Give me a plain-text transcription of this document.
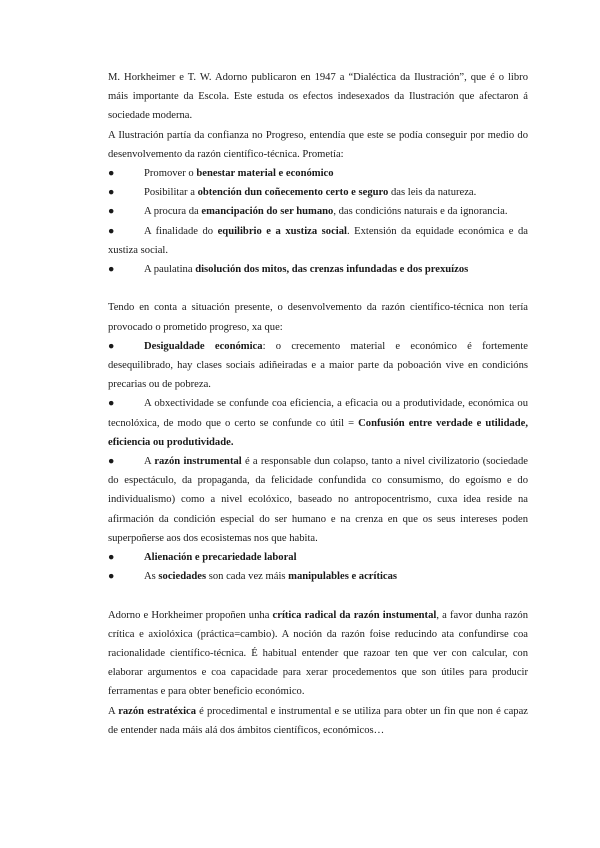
M. Horkheimer e T. W. Adorno publicaron en 1947 a “Dialéctica da Ilustración”, que é o libro máis importante da Escola. Este estuda os efectos indesexados da Ilustración que afectaron á sociedade moderna.

A Ilustración partía da confianza no Progreso, entendía que este se podía conseguir por medio do desenvolvemento da razón científico-técnica. Prometía:

●	Promover o benestar material e económico
●	Posibilitar a obtención dun coñecemento certo e seguro das leis da natureza.
●	A procura da emancipación do ser humano, das condicións naturais e da ignorancia.
●	A finalidade do equilibrio e a xustiza social. Extensión da equidade económica e da xustiza social.
●	A paulatina disolución dos mitos, das crenzas infundadas e dos prexuízos

Tendo en conta a situación presente, o desenvolvemento da razón científico-técnica non tería provocado o prometido progreso, xa que:

●	Desigualdade económica: o crecemento material e económico é fortemente desequilibrado, hay clases sociais adiñeiradas e a maior parte da poboación vive en condicións precarias ou de pobreza.
●	A obxectividade se confunde coa eficiencia, a eficacia ou a produtividade, económica ou tecnolóxica, de modo que o certo se confunde co útil = Confusión entre verdade e utilidade, eficiencia ou produtividade.
●	A razón instrumental é a responsable dun colapso, tanto a nivel civilizatorio (sociedade do espectáculo, da propaganda, da felicidade confundida co consumismo, do egoísmo e do individualismo) como a nivel ecolóxico, baseado no antropocentrismo, cuxa idea reside na afirmación da condición especial do ser humano e na crenza en que os seus intereses poden superpoñerse aos dos ecosistemas nos que habita.
●	Alienación e precariedade laboral
●	As sociedades son cada vez máis manipulables e acríticas

Adorno e Horkheimer propoñen unha crítica radical da razón instumental, a favor dunha razón crítica e axiolóxica (práctica=cambio). A noción da razón foise reducindo ata confundirse coa racionalidade científico-técnica. É habitual entender que razoar ten que ver con calcular, con elaborar argumentos e coa capacidade para xerar procedementos que son útiles para producir ferramentas e para obter beneficio económico.

A razón estratéxica é procedimental e instrumental e se utiliza para obter un fin que non é capaz de entender nada máis alá dos ámbitos científicos, económicos…
